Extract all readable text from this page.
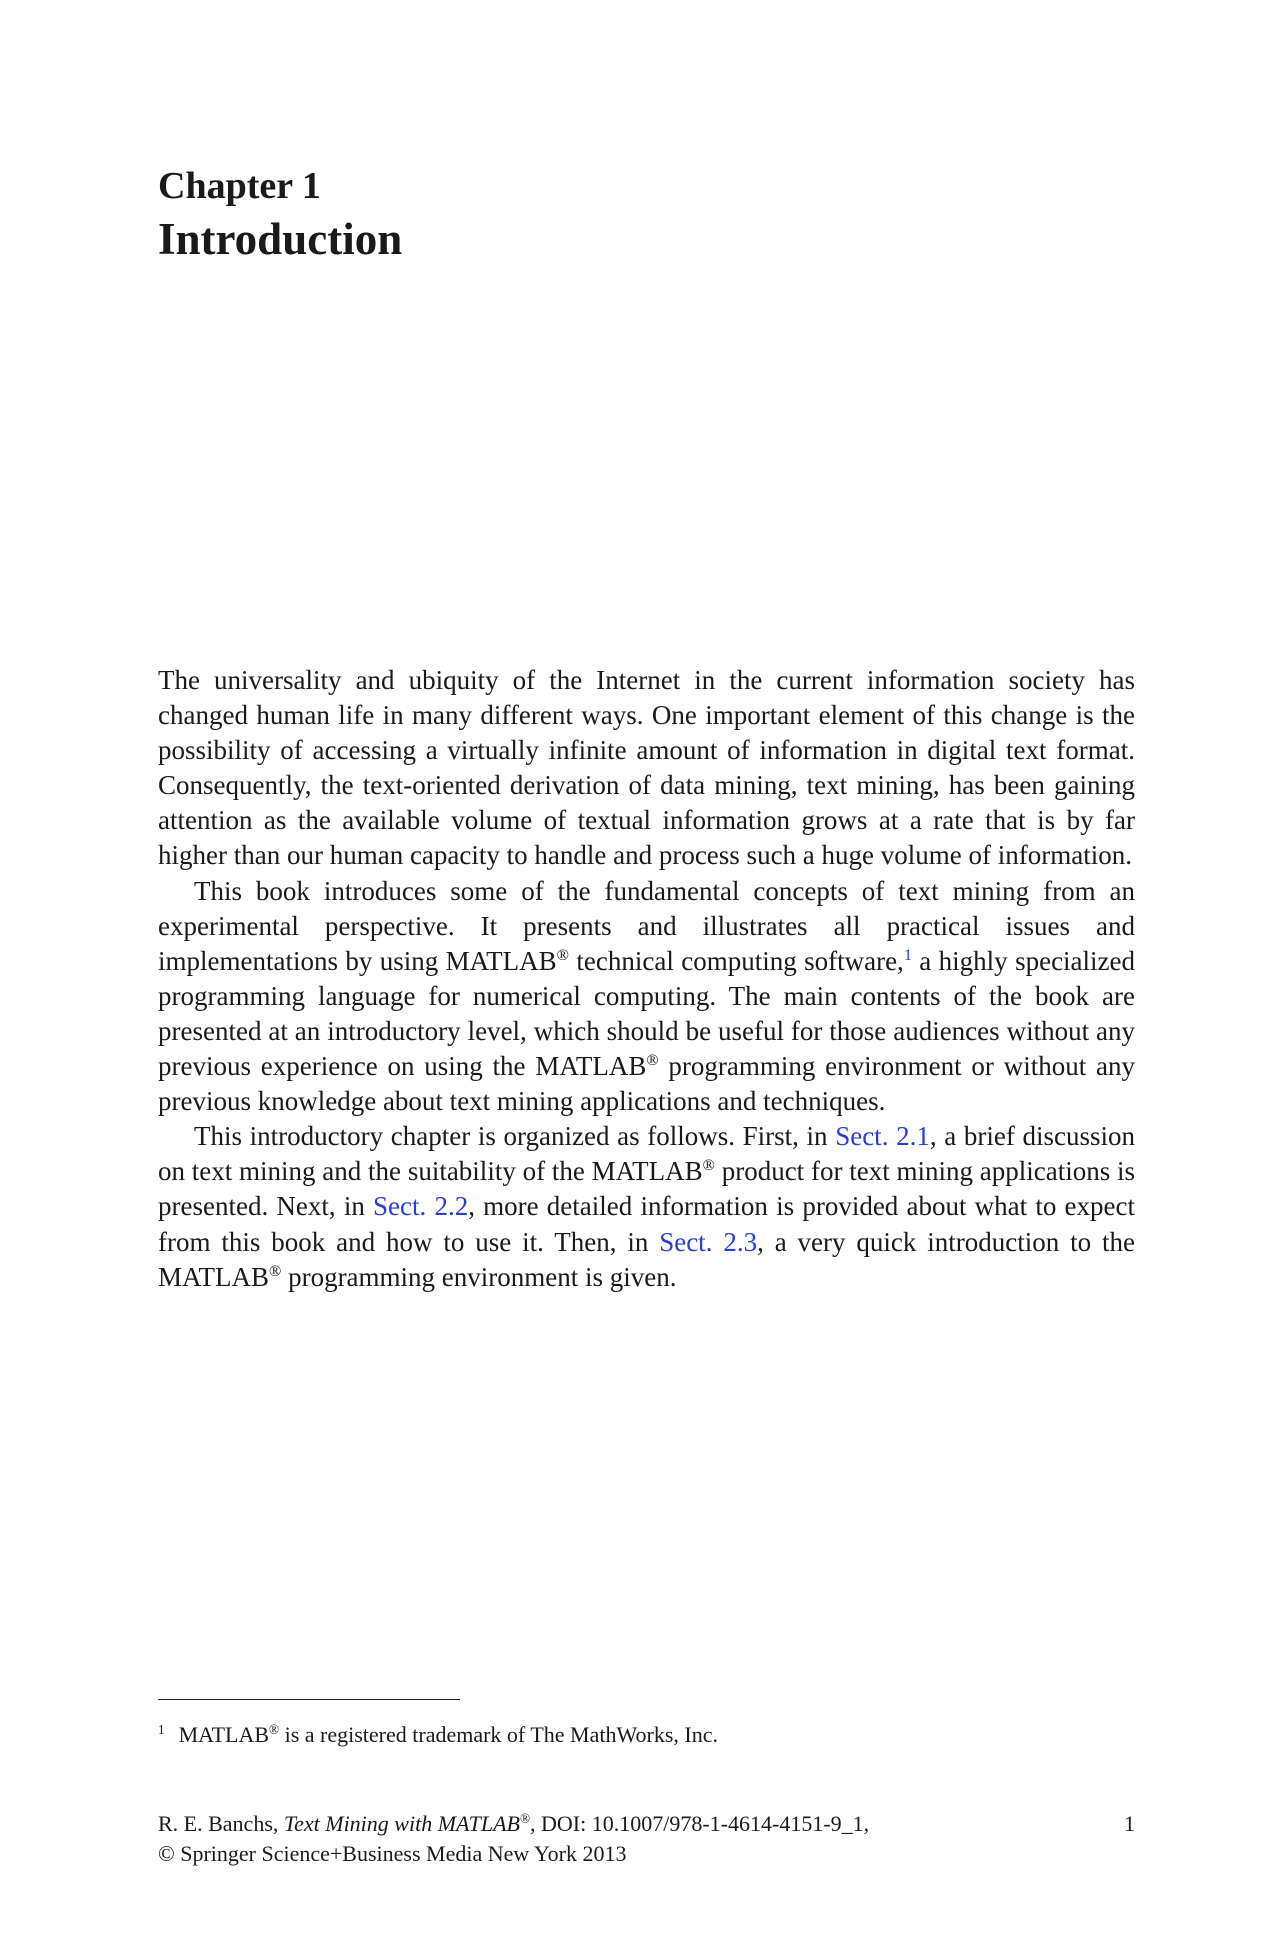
Chapter 1
Introduction

The universality and ubiquity of the Internet in the current information society has changed human life in many different ways. One important element of this change is the possibility of accessing a virtually infinite amount of information in digital text format. Consequently, the text-oriented derivation of data mining, text mining, has been gaining attention as the available volume of textual information grows at a rate that is by far higher than our human capacity to handle and process such a huge volume of information.

This book introduces some of the fundamental concepts of text mining from an experimental perspective. It presents and illustrates all practical issues and implementations by using MATLAB® technical computing software,$^1$ a highly specialized programming language for numerical computing. The main contents of the book are presented at an introductory level, which should be useful for those audiences without any previous experience on using the MATLAB® programming environment or without any previous knowledge about text mining applications and techniques.

This introductory chapter is organized as follows. First, in Sect. 2.1, a brief discussion on text mining and the suitability of the MATLAB® product for text mining applications is presented. Next, in Sect. 2.2, more detailed information is provided about what to expect from this book and how to use it. Then, in Sect. 2.3, a very quick introduction to the MATLAB® programming environment is given.

$^1$ MATLAB® is a registered trademark of The MathWorks, Inc.
R. E. Banchs, Text Mining with MATLAB®, DOI: 10.1007/978-1-4614-4151-9_1,
© Springer Science+Business Media New York 2013
1
